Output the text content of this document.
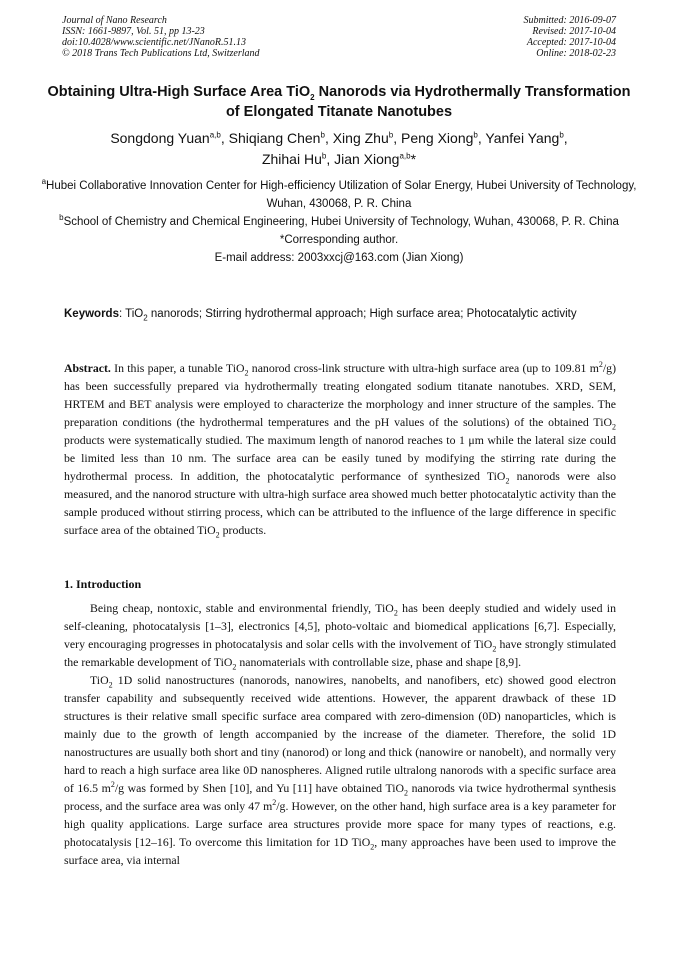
Journal of Nano Research
ISSN: 1661-9897, Vol. 51, pp 13-23
doi:10.4028/www.scientific.net/JNanoR.51.13
© 2018 Trans Tech Publications Ltd, Switzerland
Submitted: 2016-09-07
Revised: 2017-10-04
Accepted: 2017-10-04
Online: 2018-02-23
Obtaining Ultra-High Surface Area TiO$_2$ Nanorods via Hydrothermally Transformation of Elongated Titanate Nanotubes
Songdong Yuan$^{a,b}$, Shiqiang Chen$^b$, Xing Zhu$^b$, Peng Xiong$^b$, Yanfei Yang$^b$,
Zhihai Hu$^b$, Jian Xiong$^{a,b}$*
$^a$Hubei Collaborative Innovation Center for High-efficiency Utilization of Solar Energy, Hubei University of Technology, Wuhan, 430068, P. R. China
$^b$School of Chemistry and Chemical Engineering, Hubei University of Technology, Wuhan, 430068, P. R. China
*Corresponding author.
E-mail address: 2003xxcj@163.com (Jian Xiong)
Keywords: TiO$_2$ nanorods; Stirring hydrothermal approach; High surface area; Photocatalytic activity
Abstract. In this paper, a tunable TiO$_2$ nanorod cross-link structure with ultra-high surface area (up to 109.81 $m^2/g$) has been successfully prepared via hydrothermally treating elongated sodium titanate nanotubes. XRD, SEM, HRTEM and BET analysis were employed to characterize the morphology and inner structure of the samples. The preparation conditions (the hydrothermal temperatures and the pH values of the solutions) of the obtained TiO$_2$ products were systematically studied. The maximum length of nanorod reaches to 1 μm while the lateral size could be limited less than 10 nm. The surface area can be easily tuned by modifying the stirring rate during the hydrothermal process. In addition, the photocatalytic performance of synthesized TiO$_2$ nanorods were also measured, and the nanorod structure with ultra-high surface area showed much better photocatalytic activity than the sample produced without stirring process, which can be attributed to the influence of the large difference in specific surface area of the obtained TiO$_2$ products.
1. Introduction

Being cheap, nontoxic, stable and environmental friendly, TiO$_2$ has been deeply studied and widely used in self-cleaning, photocatalysis [1–3], electronics [4,5], photo-voltaic and biomedical applications [6,7]. Especially, very encouraging progresses in photocatalysis and solar cells with the involvement of TiO$_2$ have strongly stimulated the remarkable development of TiO$_2$ nanomaterials with controllable size, phase and shape [8,9].

TiO$_2$ 1D solid nanostructures (nanorods, nanowires, nanobelts, and nanofibers, etc) showed good electron transfer capability and subsequently received wide attentions. However, the apparent drawback of these 1D structures is their relative small specific surface area compared with zero-dimension (0D) nanoparticles, which is mainly due to the growth of length accompanied by the increase of the diameter. Therefore, the solid 1D nanostructures are usually both short and tiny (nanorod) or long and thick (nanowire or nanobelt), and normally very hard to reach a high surface area like 0D nanospheres. Aligned rutile ultralong nanorods with a specific surface area of 16.5 $m^2/g$ was formed by Shen [10], and Yu [11] have obtained TiO$_2$ nanorods via twice hydrothermal synthesis process, and the surface area was only 47 $m^2/g$. However, on the other hand, high surface area is a key parameter for high quality applications. Large surface area structures provide more space for many types of reactions, e.g. photocatalysis [12–16]. To overcome this limitation for 1D TiO$_2$, many approaches have been used to improve the surface area, via internal
